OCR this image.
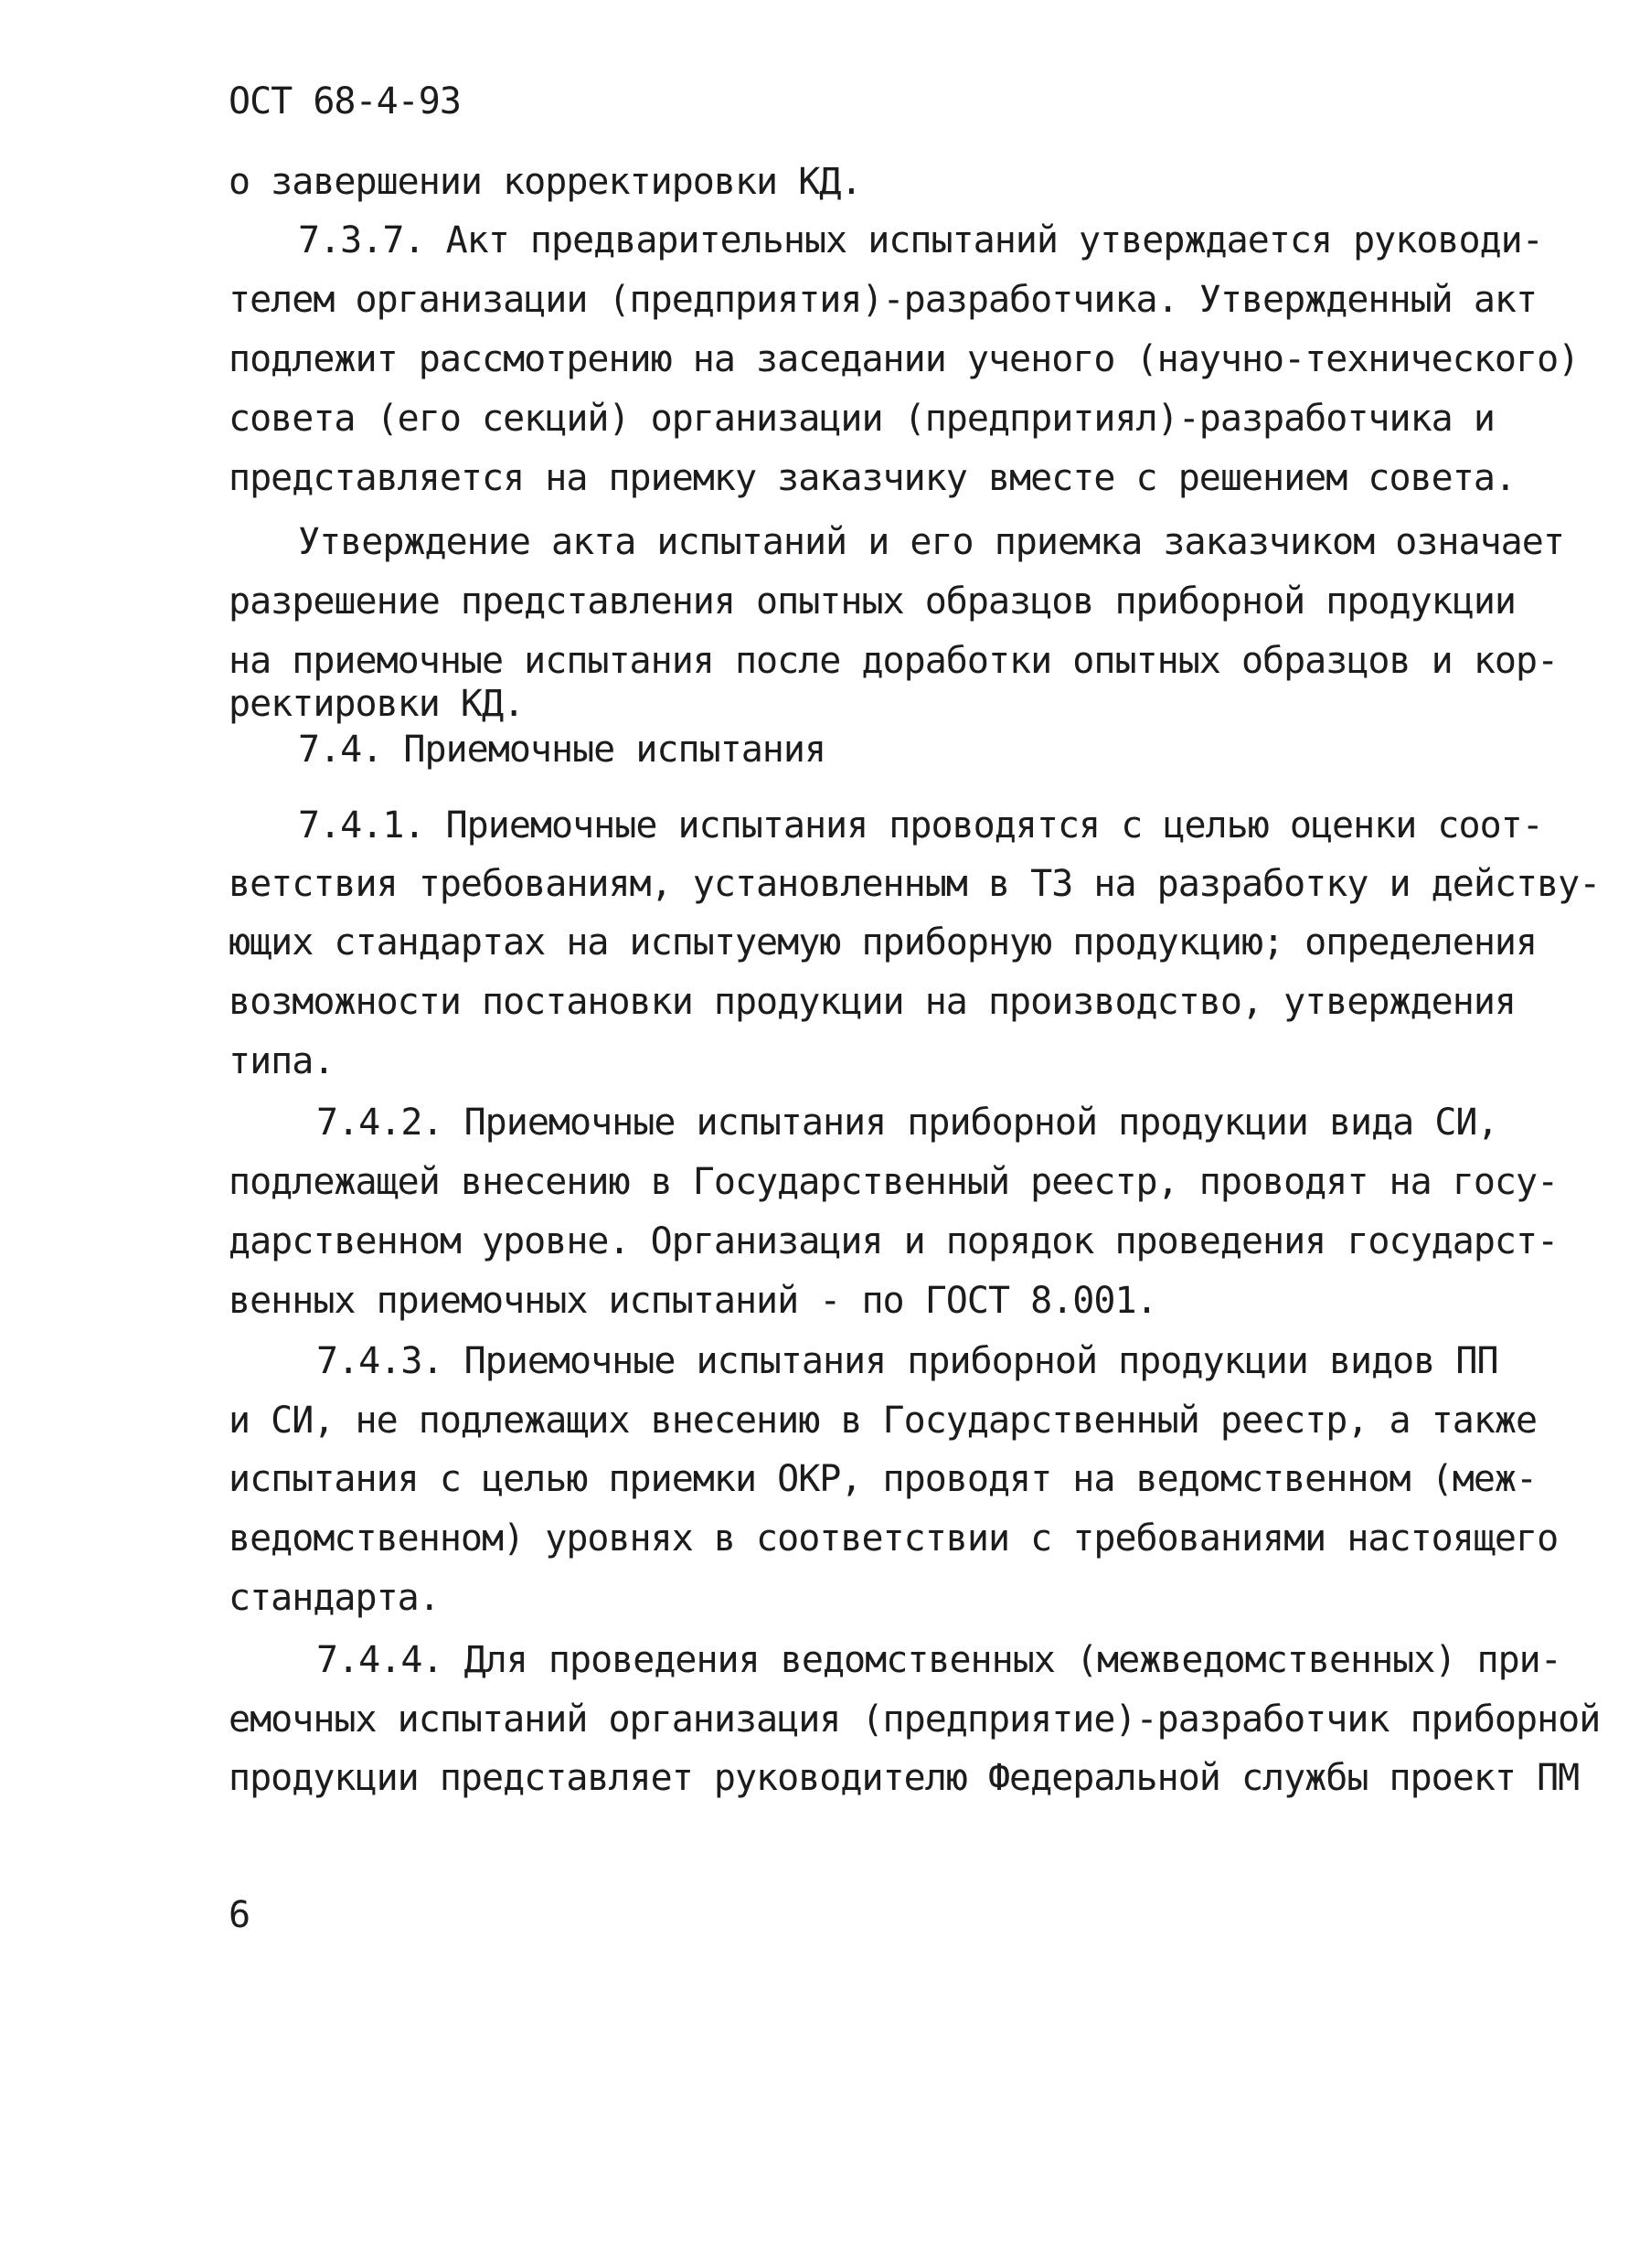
ОСТ 68-4-93

о завершении корректировки КД.

7.3.7. Акт предварительных испытаний утверждается руководи-

телем организации (предприятия)-разработчика. Утвержденный акт

подлежит рассмотрению на заседании ученого (научно-технического)

совета (его секций) организации (предпритиял)-разработчика и

представляется на приемку заказчику вместе с решением совета.

Утверждение акта испытаний и его приемка заказчиком означает

разрешение представления опытных образцов приборной продукции

на приемочные испытания после доработки опытных образцов и кор-

ректировки КД.

7.4. Приемочные испытания

7.4.1. Приемочные испытания проводятся с целью оценки соот-

ветствия требованиям, установленным в ТЗ на разработку и действу-

ющих стандартах на испытуемую приборную продукцию; определения

возможности постановки продукции на производство, утверждения

типа.

7.4.2. Приемочные испытания приборной продукции вида СИ,

подлежащей внесению в Государственный реестр, проводят на госу-

дарственном уровне. Организация и порядок проведения государст-

венных приемочных испытаний - по ГОСТ 8.001.

7.4.3. Приемочные испытания приборной продукции видов ПП

и СИ, не подлежащих внесению в Государственный реестр, а также

испытания с целью приемки ОКР, проводят на ведомственном (меж-

ведомственном) уровнях в соответствии с требованиями настоящего

стандарта.

7.4.4. Для проведения ведомственных (межведомственных) при-

емочных испытаний организация (предприятие)-разработчик приборной

продукции представляет руководителю Федеральной службы проект ПМ

6
